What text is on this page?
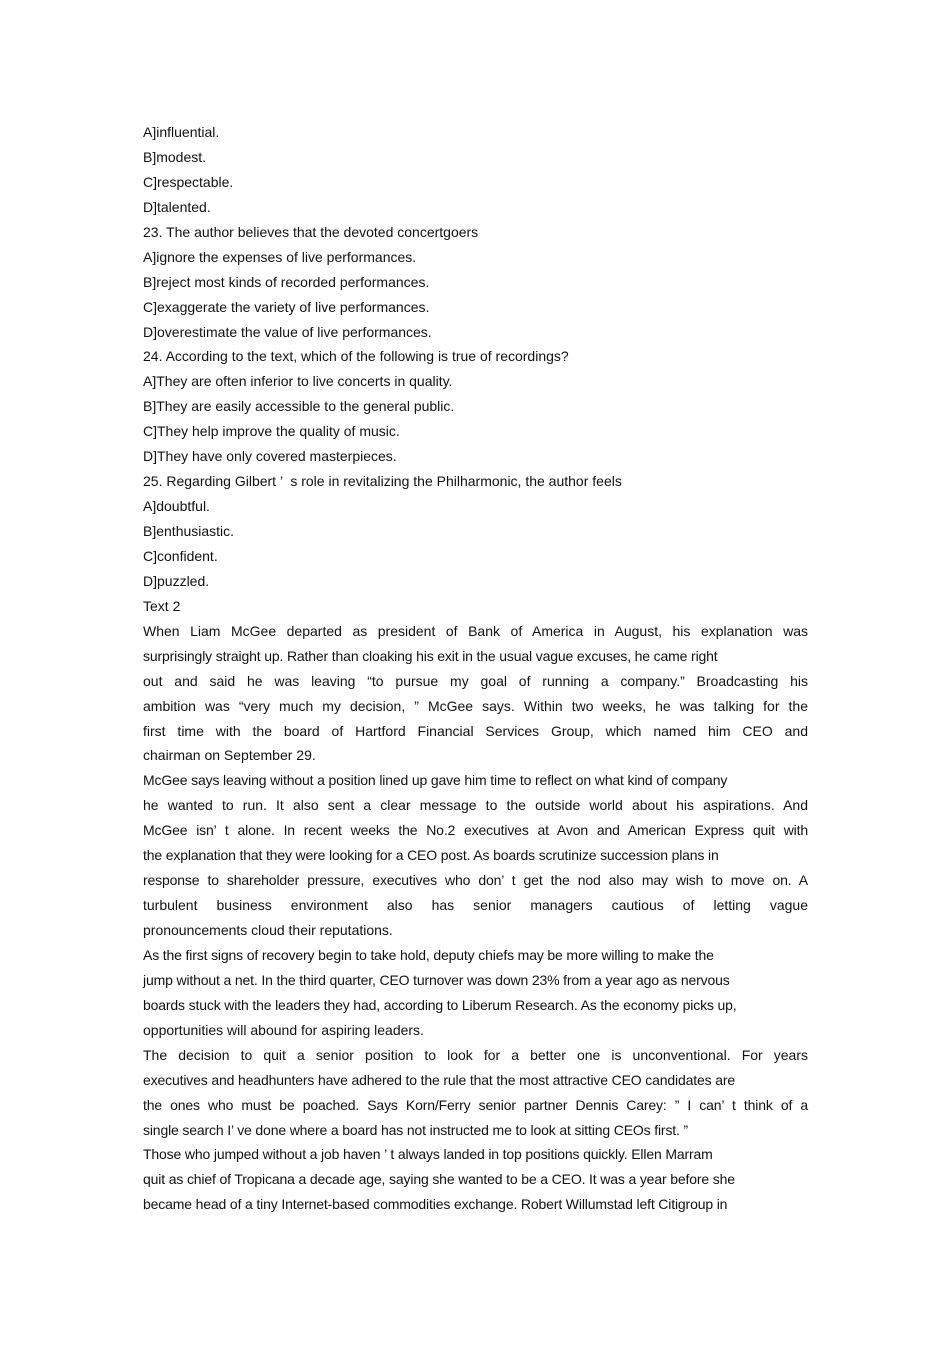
A]influential.
B]modest.
C]respectable.
D]talented.
23. The author believes that the devoted concertgoers
A]ignore the expenses of live performances.
B]reject most kinds of recorded performances.
C]exaggerate the variety of live performances.
D]overestimate the value of live performances.
24. According to the text, which of the following is true of recordings?
A]They are often inferior to live concerts in quality.
B]They are easily accessible to the general public.
C]They help improve the quality of music.
D]They have only covered masterpieces.
25. Regarding Gilbert ’  s role in revitalizing the Philharmonic, the author feels
A]doubtful.
B]enthusiastic.
C]confident.
D]puzzled.
Text 2
When Liam McGee departed as president of Bank of America in August, his explanation was
surprisingly straight up. Rather than cloaking his exit in the usual vague excuses, he came right
out and said he was leaving “to pursue my goal of running a company.” Broadcasting his
ambition was “very much my decision, ” McGee says. Within two weeks, he was talking for the
first time with the board of Hartford Financial Services Group, which named him CEO and
chairman on September 29.
McGee says leaving without a position lined up gave him time to reflect on what kind of company
he wanted to run. It also sent a clear message to the outside world about his aspirations. And
McGee isn’ t alone. In recent weeks the No.2 executives at Avon and American Express quit with
the explanation that they were looking for a CEO post. As boards scrutinize succession plans in
response to shareholder pressure, executives who don’ t get the nod also may wish to move on. A
turbulent business environment also has senior managers cautious of letting vague
pronouncements cloud their reputations.
As the first signs of recovery begin to take hold, deputy chiefs may be more willing to make the
jump without a net. In the third quarter, CEO turnover was down 23% from a year ago as nervous
boards stuck with the leaders they had, according to Liberum Research. As the economy picks up,
opportunities will abound for aspiring leaders.
The decision to quit a senior position to look for a better one is unconventional. For years
executives and headhunters have adhered to the rule that the most attractive CEO candidates are
the ones who must be poached. Says Korn/Ferry senior partner Dennis Carey: ” I can’ t think of a
single search I’ ve done where a board has not instructed me to look at sitting CEOs first. ”
Those who jumped without a job haven ’ t always landed in top positions quickly. Ellen Marram
quit as chief of Tropicana a decade age, saying she wanted to be a CEO. It was a year before she
became head of a tiny Internet-based commodities exchange. Robert Willumstad left Citigroup in
